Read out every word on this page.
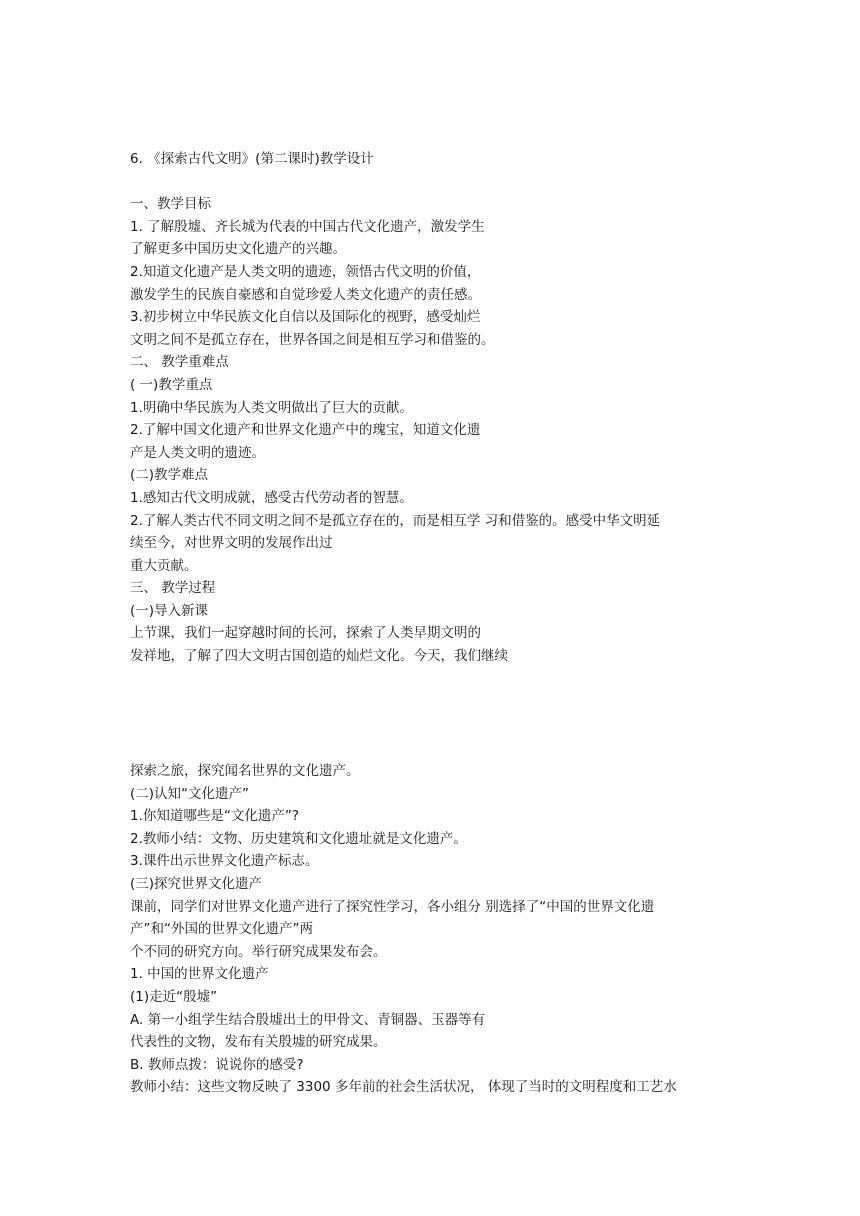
6. 《探索古代文明》(第二课时)教学设计
一、教学目标
1. 了解殷墟、齐长城为代表的中国古代文化遗产，激发学生
了解更多中国历史文化遗产的兴趣。
2.知道文化遗产是人类文明的遗迹，领悟古代文明的价值，
激发学生的民族自豪感和自觉珍爱人类文化遗产的责任感。
3.初步树立中华民族文化自信以及国际化的视野，感受灿烂
文明之间不是孤立存在，世界各国之间是相互学习和借鉴的。
二、 教学重难点
( 一)教学重点
1.明确中华民族为人类文明做出了巨大的贡献。
2.了解中国文化遗产和世界文化遗产中的瑰宝，知道文化遗
产是人类文明的遗迹。
(二)教学难点
1.感知古代文明成就，感受古代劳动者的智慧。
2.了解人类古代不同文明之间不是孤立存在的，而是相互学 习和借鉴的。感受中华文明延
续至今，对世界文明的发展作出过
重大贡献。
三、 教学过程
(一)导入新课
上节课，我们一起穿越时间的长河，探索了人类早期文明的
发祥地，了解了四大文明古国创造的灿烂文化。今天，我们继续
探索之旅，探究闻名世界的文化遗产。
(二)认知“文化遗产”
1.你知道哪些是“文化遗产”?
2.教师小结：文物、历史建筑和文化遗址就是文化遗产。
3.课件出示世界文化遗产标志。
(三)探究世界文化遗产
课前，同学们对世界文化遗产进行了探究性学习，各小组分 别选择了“中国的世界文化遗
产”和“外国的世界文化遗产”两
个不同的研究方向。举行研究成果发布会。
1. 中国的世界文化遗产
(1)走近“殷墟”
A. 第一小组学生结合殷墟出土的甲骨文、青铜器、玉器等有
代表性的文物，发布有关殷墟的研究成果。
B. 教师点拨：说说你的感受?
教师小结：这些文物反映了 3300 多年前的社会生活状况， 体现了当时的文明程度和工艺水
